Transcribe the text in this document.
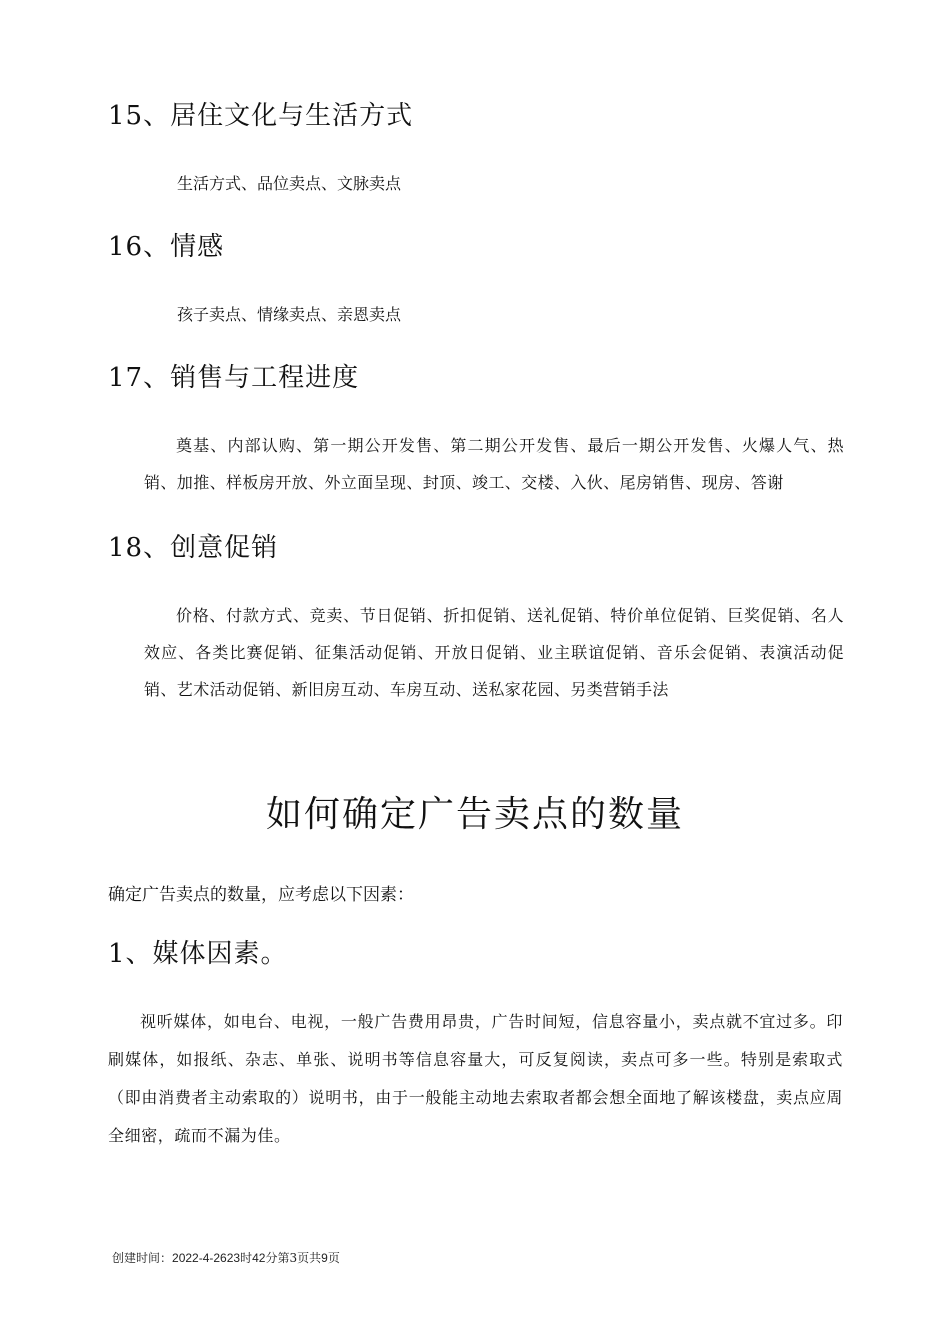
15、居住文化与生活方式
生活方式、品位卖点、文脉卖点
16、情感
孩子卖点、情缘卖点、亲恩卖点
17、销售与工程进度
奠基、内部认购、第一期公开发售、第二期公开发售、最后一期公开发售、火爆人气、热销、加推、样板房开放、外立面呈现、封顶、竣工、交楼、入伙、尾房销售、现房、答谢
18、创意促销
价格、付款方式、竞卖、节日促销、折扣促销、送礼促销、特价单位促销、巨奖促销、名人效应、各类比赛促销、征集活动促销、开放日促销、业主联谊促销、音乐会促销、表演活动促销、艺术活动促销、新旧房互动、车房互动、送私家花园、另类营销手法
如何确定广告卖点的数量
确定广告卖点的数量，应考虑以下因素：
1、媒体因素。
视听媒体，如电台、电视，一般广告费用昂贵，广告时间短，信息容量小，卖点就不宜过多。印刷媒体，如报纸、杂志、单张、说明书等信息容量大，可反复阅读，卖点可多一些。特别是索取式（即由消费者主动索取的）说明书，由于一般能主动地去索取者都会想全面地了解该楼盘，卖点应周全细密，疏而不漏为佳。
创建时间：2022-4-2623时42分第3页共9页
